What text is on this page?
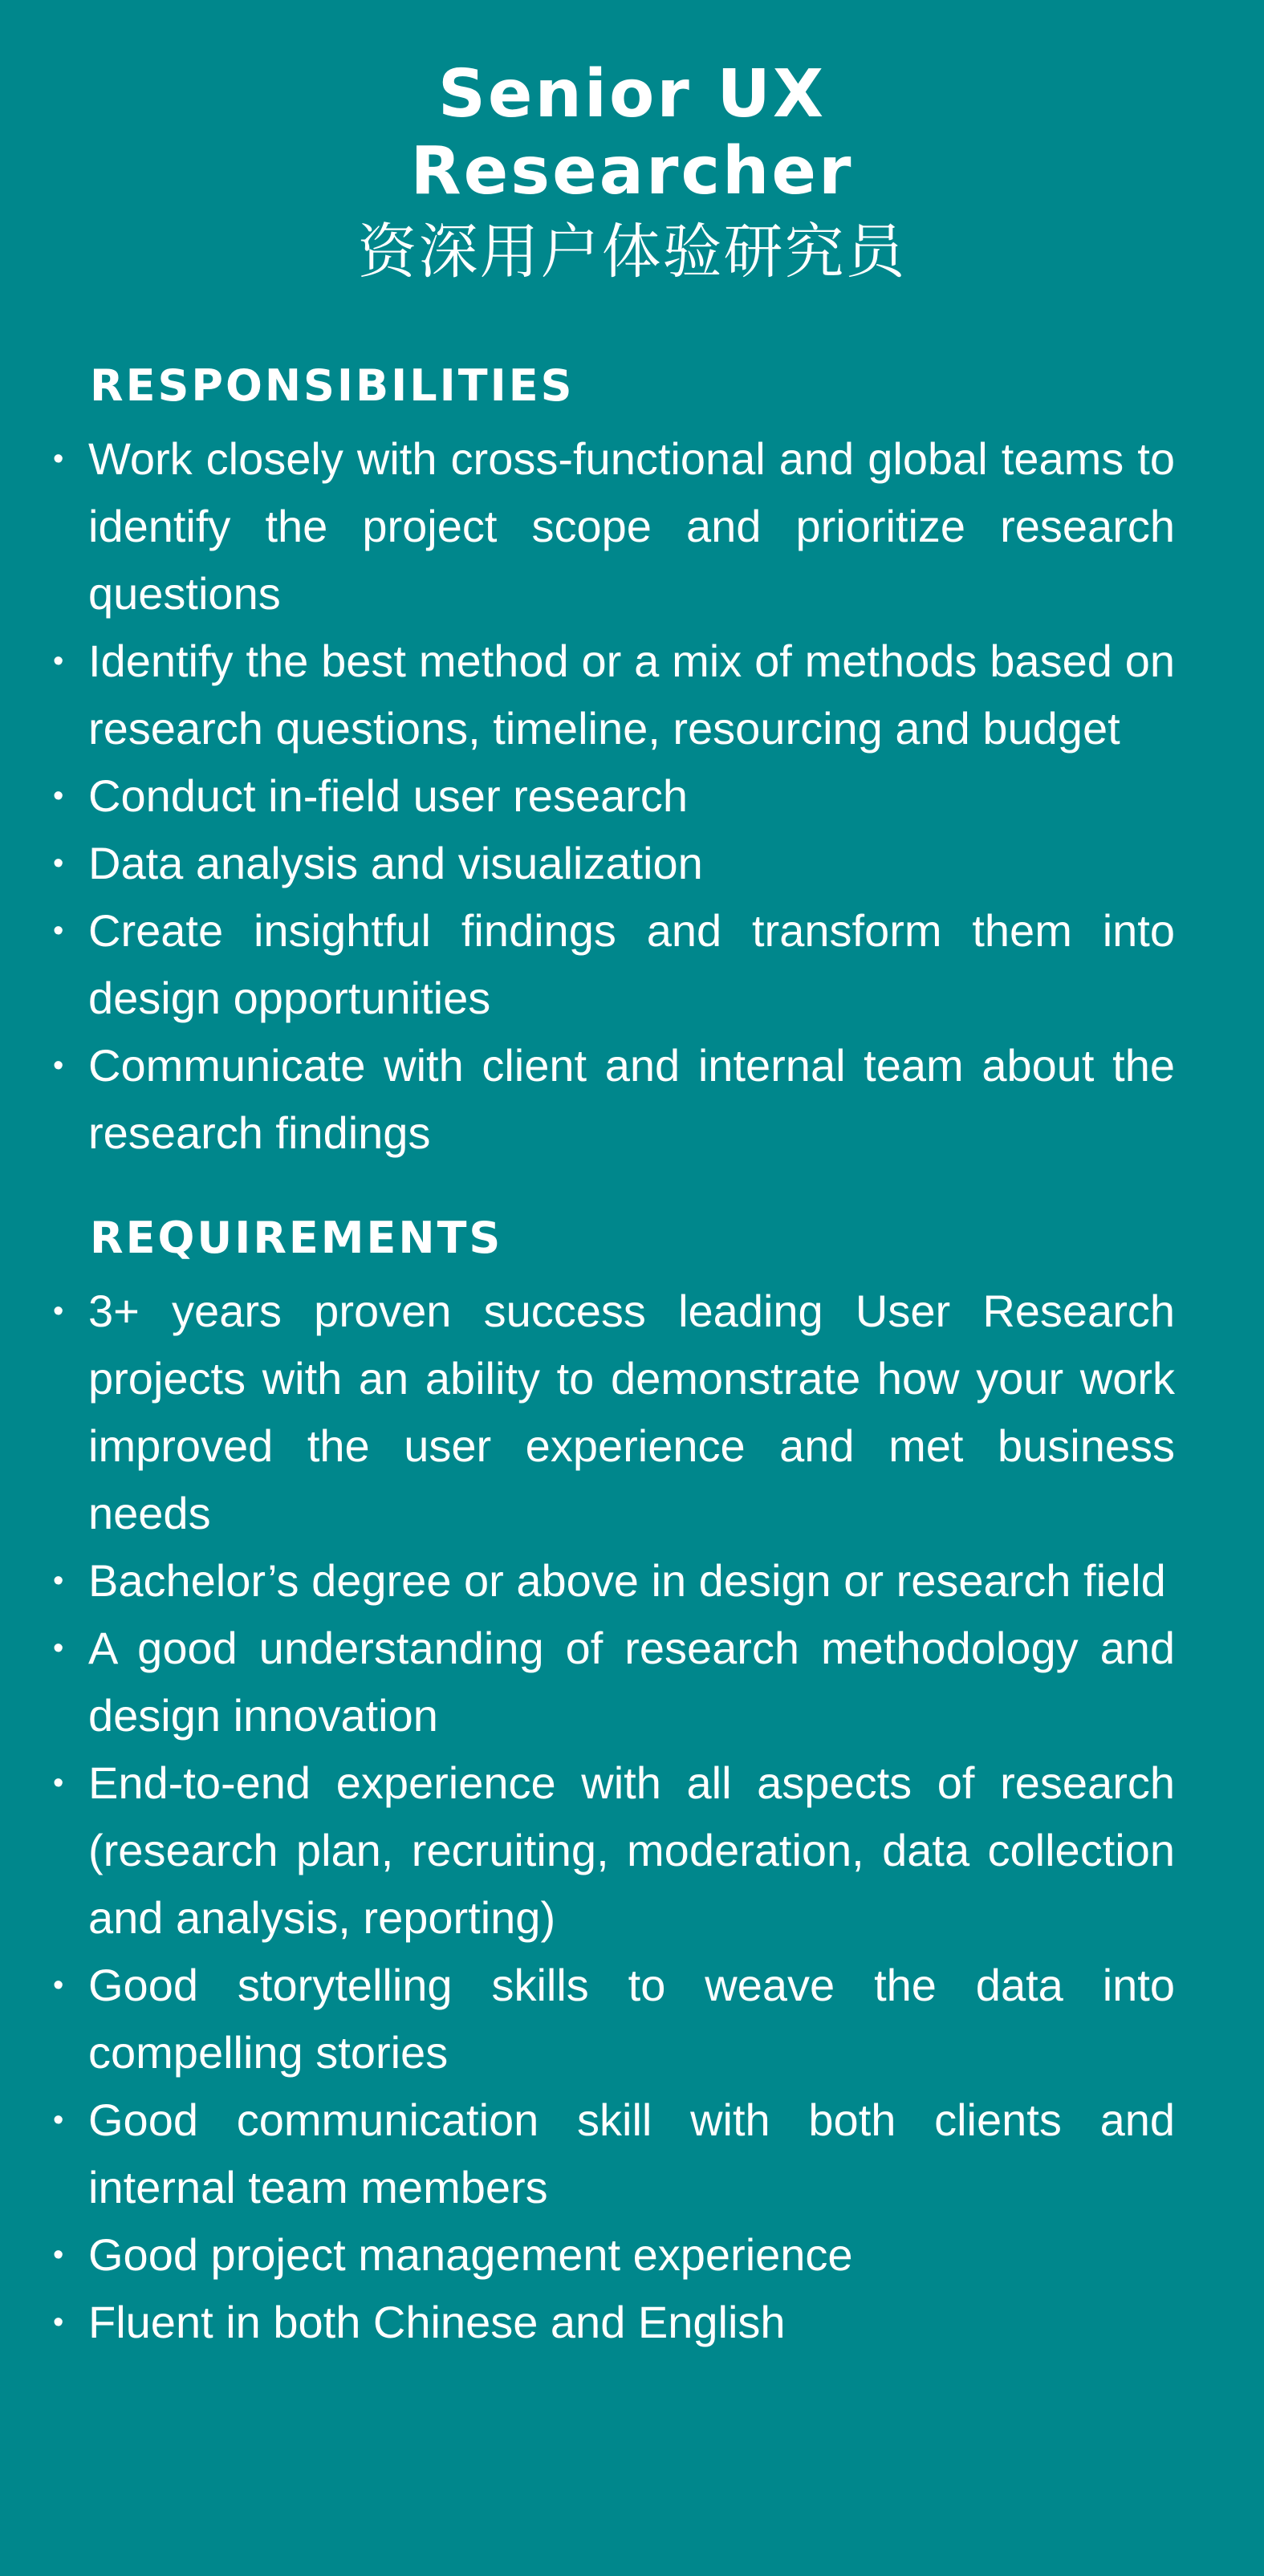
Senior UX
Researcher
资深用户体验研究员
RESPONSIBILITIES
• Work closely with cross-functional and global teams to identify the project scope and prioritize research questions
• Identify the best method or a mix of methods based on research questions, timeline, resourcing and budget
• Conduct in-field user research
• Data analysis and visualization
• Create insightful findings and transform them into design opportunities
• Communicate with client and internal team about the research findings
REQUIREMENTS
• 3+ years proven success leading User Research projects with an ability to demonstrate how your work improved the user experience and met business needs
• Bachelor’s degree or above in design or research field
• A good understanding of research methodology and design innovation
• End-to-end experience with all aspects of research (research plan, recruiting, moderation, data collection and analysis, reporting)
• Good storytelling skills to weave the data into compelling stories
• Good communication skill with both clients and internal team members
• Good project management experience
• Fluent in both Chinese and English
